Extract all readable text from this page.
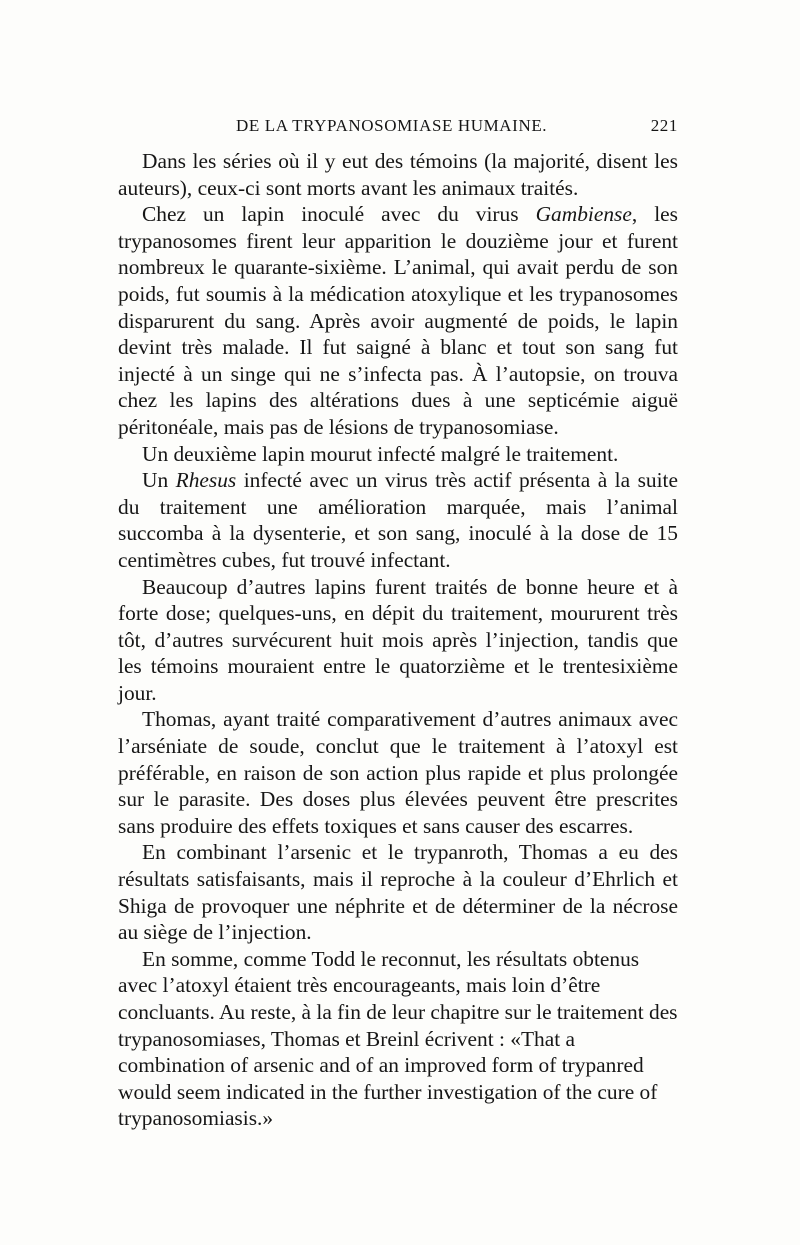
DE LA TRYPANOSOMIASE HUMAINE.	221

Dans les séries où il y eut des témoins (la majorité, disent les auteurs), ceux-ci sont morts avant les animaux traités.

Chez un lapin inoculé avec du virus Gambiense, les trypanosomes firent leur apparition le douzième jour et furent nombreux le quarante-sixième. L’animal, qui avait perdu de son poids, fut soumis à la médication atoxylique et les trypanosomes disparurent du sang. Après avoir augmenté de poids, le lapin devint très malade. Il fut saigné à blanc et tout son sang fut injecté à un singe qui ne s’infecta pas. À l’autopsie, on trouva chez les lapins des altérations dues à une septicémie aiguë péritonéale, mais pas de lésions de trypanosomiase.

Un deuxième lapin mourut infecté malgré le traitement.

Un Rhesus infecté avec un virus très actif présenta à la suite du traitement une amélioration marquée, mais l’animal succomba à la dysenterie, et son sang, inoculé à la dose de 15 centimètres cubes, fut trouvé infectant.

Beaucoup d’autres lapins furent traités de bonne heure et à forte dose; quelques-uns, en dépit du traitement, moururent très tôt, d’autres survécurent huit mois après l’injection, tandis que les témoins mouraient entre le quatorzième et le trentesixième jour.

Thomas, ayant traité comparativement d’autres animaux avec l’arséniate de soude, conclut que le traitement à l’atoxyl est préférable, en raison de son action plus rapide et plus prolongée sur le parasite. Des doses plus élevées peuvent être prescrites sans produire des effets toxiques et sans causer des escarres.

En combinant l’arsenic et le trypanroth, Thomas a eu des résultats satisfaisants, mais il reproche à la couleur d’Ehrlich et Shiga de provoquer une néphrite et de déterminer de la nécrose au siège de l’injection.

En somme, comme Todd le reconnut, les résultats obtenus avec l’atoxyl étaient très encourageants, mais loin d’être concluants. Au reste, à la fin de leur chapitre sur le traitement des trypanosomiases, Thomas et Breinl écrivent : «That a combination of arsenic and of an improved form of trypanred would seem indicated in the further investigation of the cure of trypanosomiasis.»
